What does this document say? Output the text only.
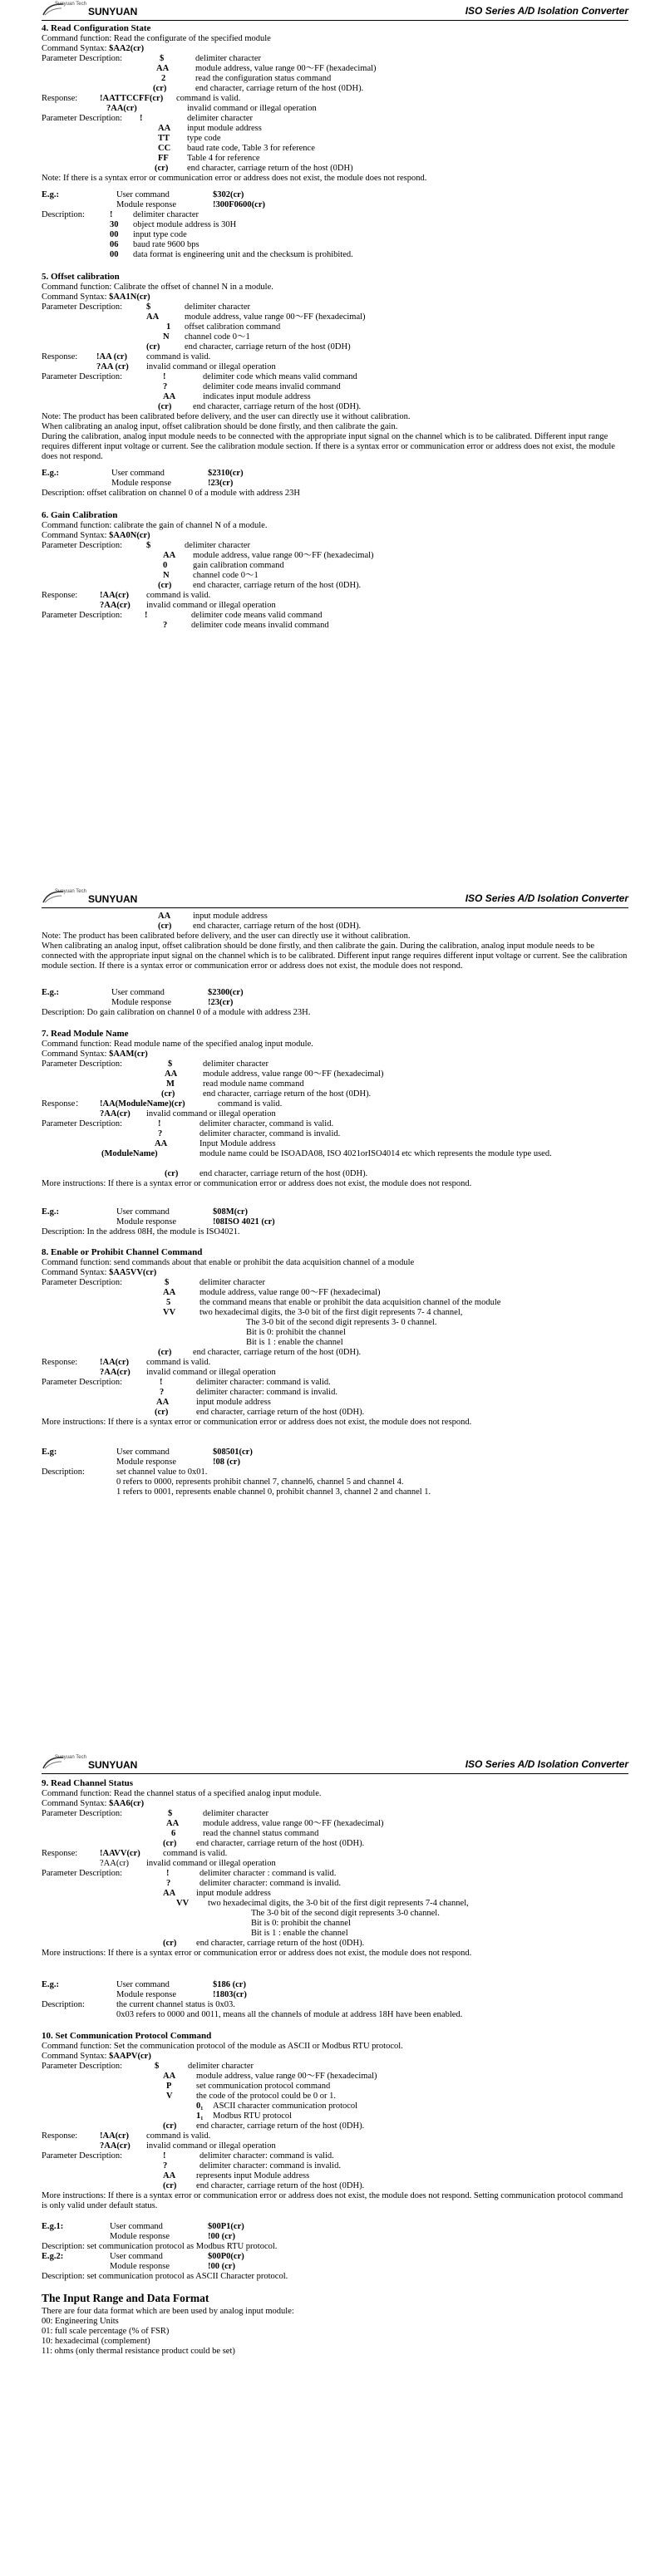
Sunyuan Tech
SUNYUAN	ISO Series A/D Isolation Converter
4. Read Configuration State
Command function: Read the configurate of the specified module
Command Syntax: $AA2(cr)
Parameter Description:	$	delimiter character
AA	module address, value range 00〜FF (hexadecimal)
2	read the configuration status command
(cr)	end character, carriage return of the host (0DH).
Response:	!AATTCCFF(cr) command is valid.
?AA(cr)	invalid command or illegal operation
Parameter Description: !	delimiter character
AA input module address
TT type code
CC baud rate code, Table 3 for reference
FF Table 4 for reference
(cr) end character, carriage return of the host (0DH)
Note: If there is a syntax error or communication error or address does not exist, the module does not respond.
E.g.:	User command	$302(cr)
Module response	!300F0600(cr)
Description:	! delimiter character
30 object module address is 30H
00 input type code
06 baud rate 9600 bps
00 data format is engineering unit and the checksum is prohibited.
5. Offset calibration
Command function: Calibrate the offset of channel N in a module.
Command Syntax: $AA1N(cr)
Parameter Description:	$	delimiter character
AA	module address, value range 00〜FF (hexadecimal)
1 offset calibration command
N channel code 0〜1
(cr)	end character, carriage return of the host (0DH)
Response: !AA (cr) command is valid.
?AA (cr) invalid command or illegal operation
Parameter Description:	!	delimiter code which means valid command
?	delimiter code means invalid command
AA	indicates input module address
(cr) end character, carriage return of the host (0DH).
Note: The product has been calibrated before delivery, and the user can directly use it without calibration.
When calibrating an analog input, offset calibration should be done firstly, and then calibrate the gain.
During the calibration, analog input module needs to be connected with the appropriate input signal on the channel which is to be calibrated. Different input range requires different input voltage or current. See the calibration module section. If there is a syntax error or communication error or address does not exist, the module does not respond.
E.g.:	User command	$2310(cr)
Module response	!23(cr)
Description: offset calibration on channel 0 of a module with address 23H
6. Gain Calibration
Command function: calibrate the gain of channel N of a module.
Command Syntax: $AA0N(cr)
Parameter Description:	$	delimiter character
AA module address, value range 00〜FF (hexadecimal)
0	gain calibration command
N	channel code 0〜1
(cr) end character, carriage return of the host (0DH).
Response:	!AA(cr) command is valid.
?AA(cr) invalid command or illegal operation
Parameter Description:	!	delimiter code means valid command
?	delimiter code means invalid command
Sunyuan Tech
SUNYUAN	ISO Series A/D Isolation Converter
AA	input module address
(cr) end character, carriage return of the host (0DH).
Note: The product has been calibrated before delivery, and the user can directly use it without calibration.
When calibrating an analog input, offset calibration should be done firstly, and then calibrate the gain. During the calibration, analog input module needs to be connected with the appropriate input signal on the channel which is to be calibrated. Different input range requires different input voltage or current. See the calibration module section. If there is a syntax error or communication error or address does not exist, the module does not respond.
E.g.:	User command	$2300(cr)
Module response	!23(cr)
Description: Do gain calibration on channel 0 of a module with address 23H.
7. Read Module Name
Command function: Read module name of the specified analog input module.
Command Syntax: $AAM(cr)
Parameter Description:	$	delimiter character
AA	module address, value range 00〜FF (hexadecimal)
M	read module name command
(cr)	end character, carriage return of the host (0DH).
Response： !AA(ModuleName)(cr)	command is valid.
?AA(cr) invalid command or illegal operation
Parameter Description:	!	delimiter character, command is valid.
?	delimiter character, command is invalid.
AA	Input Module address
(ModuleName)	module name could be ISOADA08, ISO 4021orISO4014 etc which represents the module type used.
(cr) end character, carriage return of the host (0DH).
More instructions: If there is a syntax error or communication error or address does not exist, the module does not respond.
E.g.:	User command	$08M(cr)
Module response	!08ISO 4021 (cr)
Description: In the address 08H, the module is ISO4021.
8. Enable or Prohibit Channel Command
Command function: send commands about that enable or prohibit the data acquisition channel of a module
Command Syntax: $AA5VV(cr)
Parameter Description:	$	delimiter character
AA	module address, value range 00〜FF (hexadecimal)
5	the command means that enable or prohibit the data acquisition channel of the module
VV	two hexadecimal digits, the 3-0 bit of the first digit represents 7- 4 channel,
The 3-0 bit of the second digit represents 3- 0 channel.
Bit is 0: prohibit the channel
Bit is 1 : enable the channel
(cr) end character, carriage return of the host (0DH).
Response:	!AA(cr) command is valid.
?AA(cr) invalid command or illegal operation
Parameter Description:	!	delimiter character: command is valid.
?	delimiter character: command is invalid.
AA	input module address
(cr)	end character, carriage return of the host (0DH).
More instructions: If there is a syntax error or communication error or address does not exist, the module does not respond.
E.g:	User command	$08501(cr)
Module response	!08 (cr)
Description:	set channel value to 0x01.
0 refers to 0000, represents prohibit channel 7, channel6, channel 5 and channel 4.
1 refers to 0001, represents enable channel 0, prohibit channel 3, channel 2 and channel 1.
Sunyuan Tech
SUNYUAN	ISO Series A/D Isolation Converter
9. Read Channel Status
Command function: Read the channel status of a specified analog input module.
Command Syntax: $AA6(cr)
Parameter Description:	$	delimiter character
AA	module address, value range 00〜FF (hexadecimal)
6	read the channel status command
(cr) end character, carriage return of the host (0DH).
Response:	!AAVV(cr)	command is valid.
?AA(cr) invalid command or illegal operation
Parameter Description:	!	delimiter character : command is valid.
?	delimiter character: command is invalid.
AA input module address
VV two hexadecimal digits, the 3-0 bit of the first digit represents 7-4 channel,
The 3-0 bit of the second digit represents 3-0 channel.
Bit is 0: prohibit the channel
Bit is 1 : enable the channel
(cr) end character, carriage return of the host (0DH).
More instructions: If there is a syntax error or communication error or address does not exist, the module does not respond.
E.g.:	User command	$186 (cr)
Module response	!1803(cr)
Description:	the current channel status is 0x03.
0x03 refers to 0000 and 0011, means all the channels of module at address 18H have been enabled.
10. Set Communication Protocol Command
Command function: Set the communication protocol of the module as ASCII or Modbus RTU protocol.
Command Syntax: $AAPV(cr)
Parameter Description:	$	delimiter character
AA module address, value range 00〜FF (hexadecimal)
P	set communication protocol command
V	the code of the protocol could be 0 or 1.
0₁ ASCII character communication protocol
1₁ Modbus RTU protocol
(cr) end character, carriage return of the host (0DH).
Response:	!AA(cr) command is valid.
?AA(cr) invalid command or illegal operation
Parameter Description:	!	delimiter character: command is valid.
?	delimiter character: command is invalid.
AA represents input Module address
(cr) end character, carriage return of the host (0DH).
More instructions: If there is a syntax error or communication error or address does not exist, the module does not respond. Setting communication protocol command is only valid under default status.
E.g.1:	User command	$00P1(cr)
Module response	!00 (cr)
Description: set communication protocol as Modbus RTU protocol.
E.g.2:	User command	$00P0(cr)
Module response	!00 (cr)
Description: set communication protocol as ASCII Character protocol.
The Input Range and Data Format
There are four data format which are been used by analog input module:
00: Engineering Units
01: full scale percentage (% of FSR)
10: hexadecimal (complement)
11: ohms (only thermal resistance product could be set)
